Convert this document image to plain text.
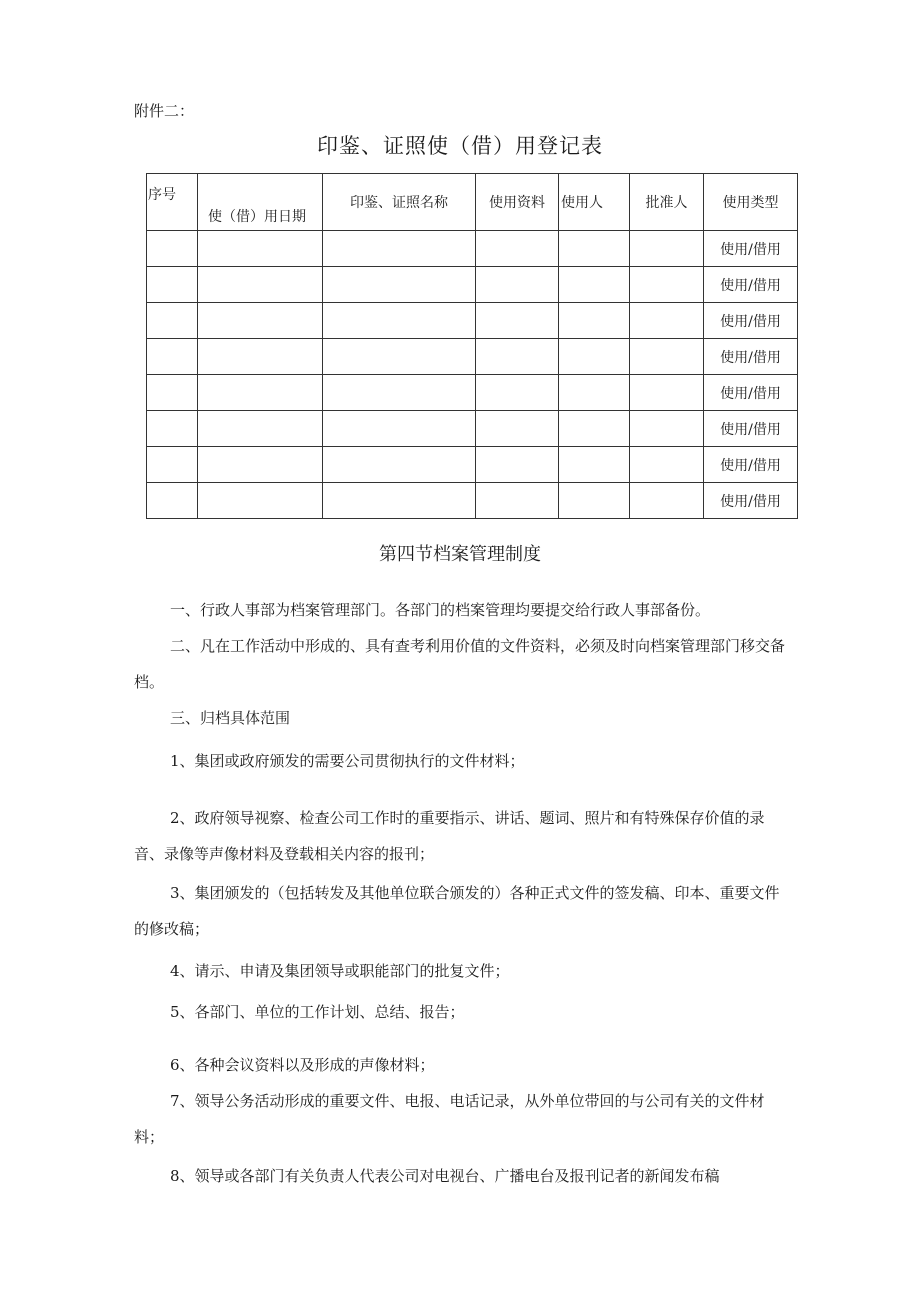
附件二：
印鉴、证照使（借）用登记表
序号	使（借）用日期	印鉴、证照名称	使用资料	使用人	批准人	使用类型
						使用/借用
						使用/借用
						使用/借用
						使用/借用
						使用/借用
						使用/借用
						使用/借用
						使用/借用
第四节档案管理制度
一、行政人事部为档案管理部门。各部门的档案管理均要提交给行政人事部备份。
二、凡在工作活动中形成的、具有查考利用价值的文件资料，必须及时向档案管理部门移交备档。
三、归档具体范围
1、集团或政府颁发的需要公司贯彻执行的文件材料；
2、政府领导视察、检查公司工作时的重要指示、讲话、题词、照片和有特殊保存价值的录音、录像等声像材料及登载相关内容的报刊；
3、集团颁发的（包括转发及其他单位联合颁发的）各种正式文件的签发稿、印本、重要文件的修改稿；
4、请示、申请及集团领导或职能部门的批复文件；
5、各部门、单位的工作计划、总结、报告；
6、各种会议资料以及形成的声像材料；
7、领导公务活动形成的重要文件、电报、电话记录，从外单位带回的与公司有关的文件材料；
8、领导或各部门有关负责人代表公司对电视台、广播电台及报刊记者的新闻发布稿
